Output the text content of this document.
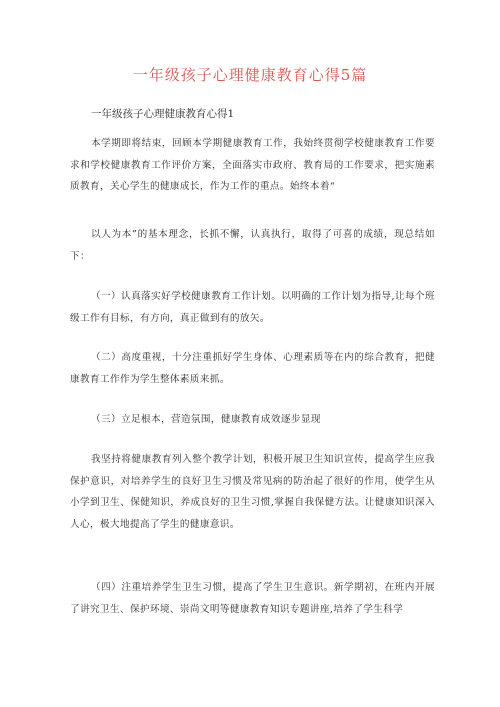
一年级孩子心理健康教育心得5篇
一年级孩子心理健康教育心得1

本学期即将结束，回顾本学期健康教育工作，我始终贯彻学校健康教育工作要求和学校健康教育工作评价方案，全面落实市政府、教育局的工作要求，把实施素质教育，关心学生的健康成长，作为工作的重点。始终本着“

以人为本”的基本理念，长抓不懈，认真执行，取得了可喜的成绩，现总结如下：

（一）认真落实好学校健康教育工作计划。以明确的工作计划为指导,让每个班级工作有目标，有方向，真正做到有的放矢。

（二）高度重视，十分注重抓好学生身体、心理素质等在内的综合教育，把健康教育工作作为学生整体素质来抓。

（三）立足根本，营造氛围，健康教育成效逐步显现

我坚持将健康教育列入整个教学计划，积极开展卫生知识宣传，提高学生应我保护意识，对培养学生的良好卫生习惯及常见病的防治起了很好的作用，使学生从小学到卫生、保健知识，养成良好的卫生习惯,掌握自我保健方法。让健康知识深入人心，极大地提高了学生的健康意识。

（四）注重培养学生卫生习惯，提高了学生卫生意识。新学期初，在班内开展了讲究卫生、保护环境、崇尚文明等健康教育知识专题讲座,培养了学生科学
